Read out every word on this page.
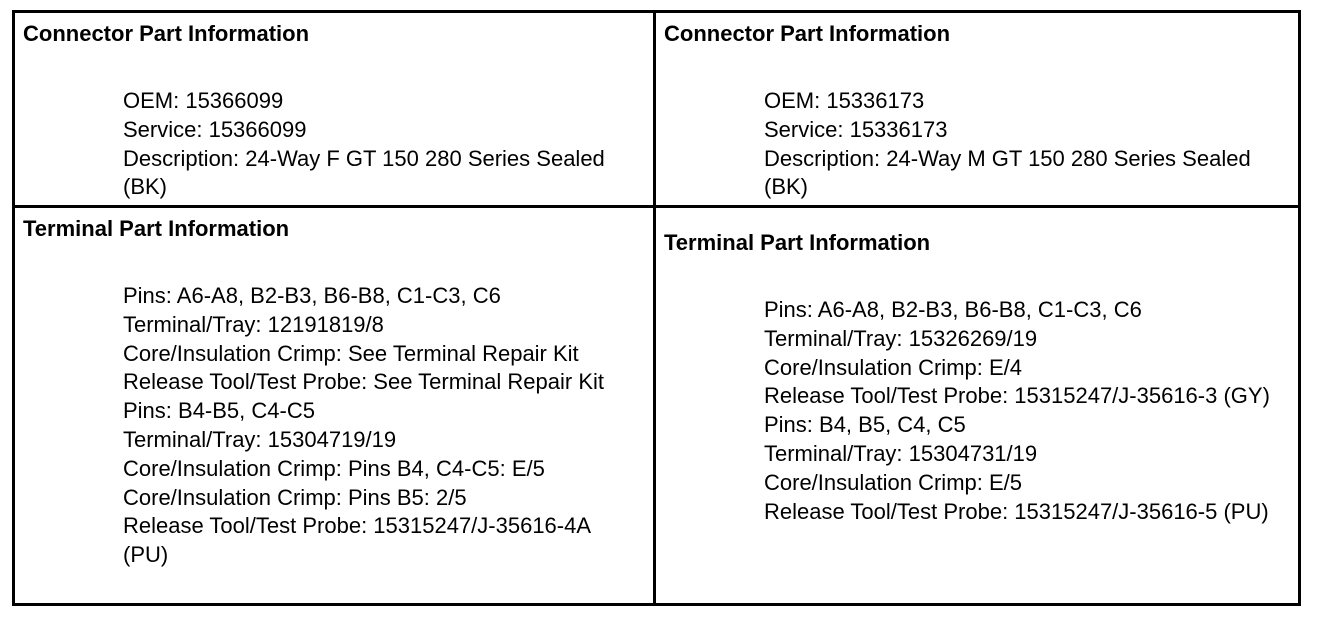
Connector Part Information

OEM: 15366099
Service: 15366099
Description: 24-Way F GT 150 280 Series Sealed (BK)

Connector Part Information

OEM: 15336173
Service: 15336173
Description: 24-Way M GT 150 280 Series Sealed (BK)

Terminal Part Information

Pins: A6-A8, B2-B3, B6-B8, C1-C3, C6
Terminal/Tray: 12191819/8
Core/Insulation Crimp: See Terminal Repair Kit
Release Tool/Test Probe: See Terminal Repair Kit
Pins: B4-B5, C4-C5
Terminal/Tray: 15304719/19
Core/Insulation Crimp: Pins B4, C4-C5: E/5
Core/Insulation Crimp: Pins B5: 2/5
Release Tool/Test Probe: 15315247/J-35616-4A (PU)

Terminal Part Information

Pins: A6-A8, B2-B3, B6-B8, C1-C3, C6
Terminal/Tray: 15326269/19
Core/Insulation Crimp: E/4
Release Tool/Test Probe: 15315247/J-35616-3 (GY)
Pins: B4, B5, C4, C5
Terminal/Tray: 15304731/19
Core/Insulation Crimp: E/5
Release Tool/Test Probe: 15315247/J-35616-5 (PU)
